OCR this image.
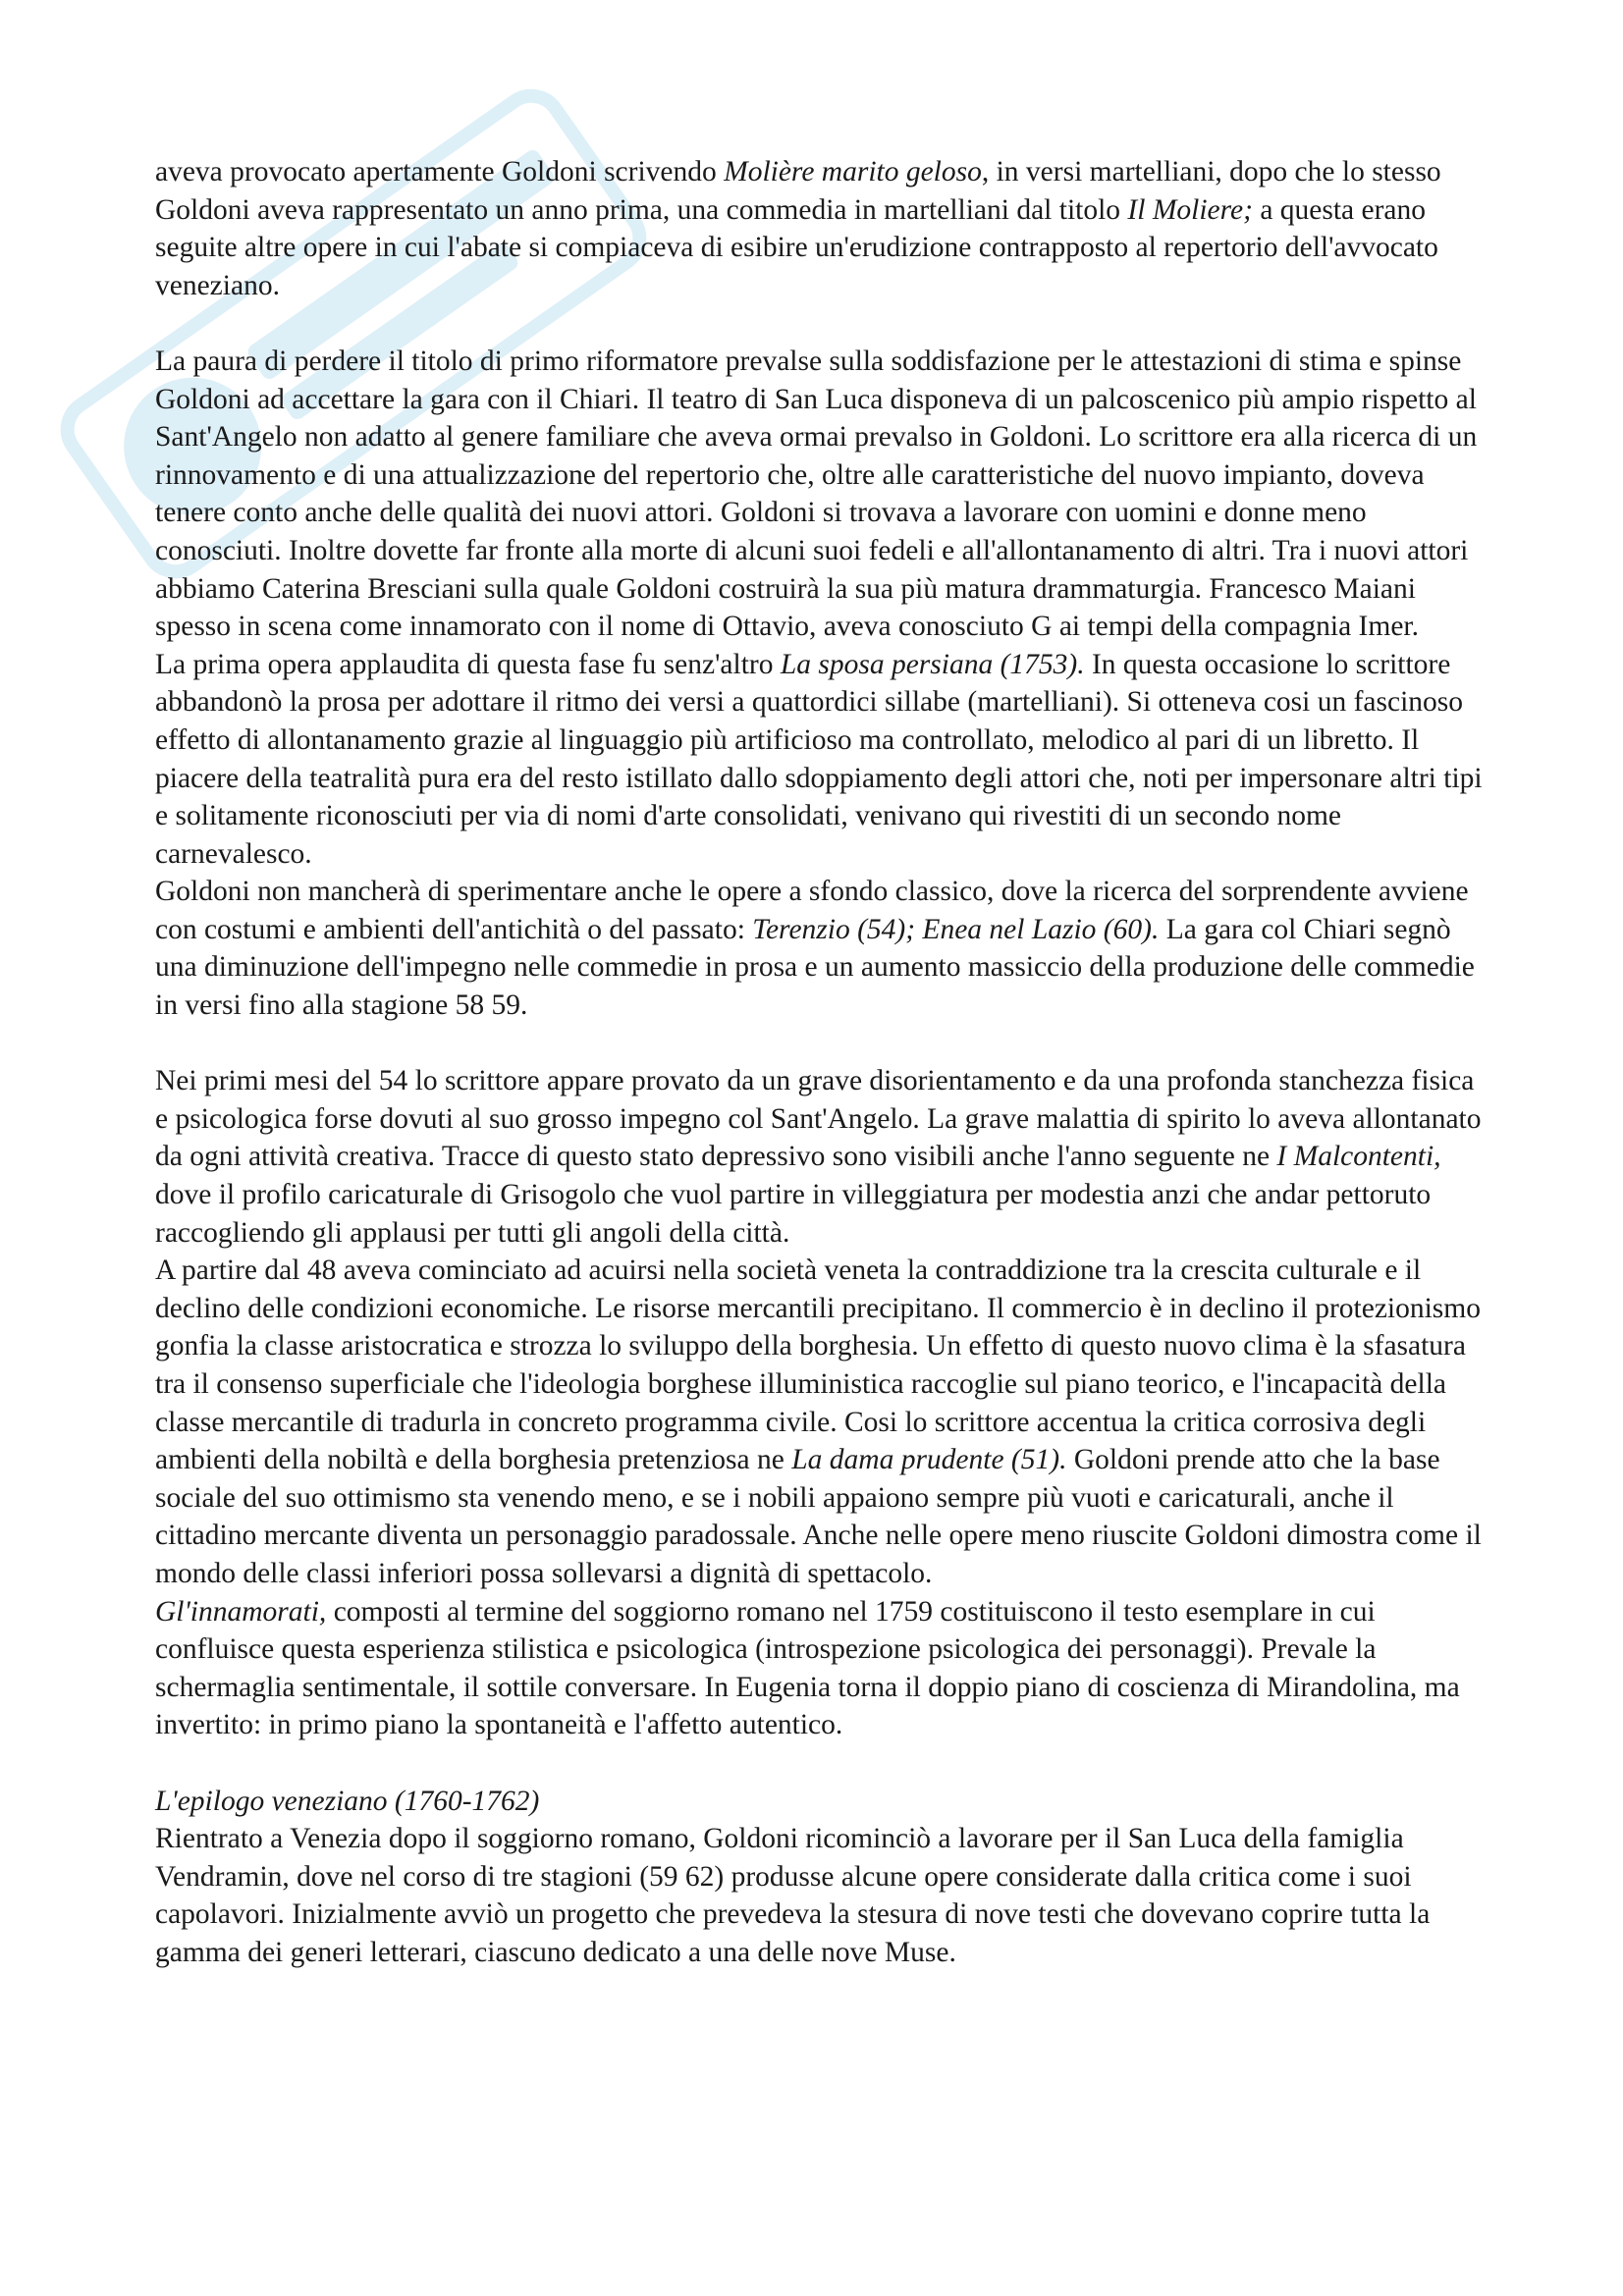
aveva provocato apertamente Goldoni scrivendo Molière marito geloso, in versi martelliani, dopo che lo stesso Goldoni aveva rappresentato un anno prima, una commedia in martelliani dal titolo Il Moliere; a questa erano seguite altre opere in cui l'abate si compiaceva di esibire un'erudizione contrapposto al repertorio dell'avvocato veneziano.

La paura di perdere il titolo di primo riformatore prevalse sulla soddisfazione per le attestazioni di stima e spinse Goldoni ad accettare la gara con il Chiari. Il teatro di San Luca disponeva di un palcoscenico più ampio rispetto al Sant'Angelo non adatto al genere familiare che aveva ormai prevalso in Goldoni. Lo scrittore era alla ricerca di un rinnovamento e di una attualizzazione del repertorio che, oltre alle caratteristiche del nuovo impianto, doveva tenere conto anche delle qualità dei nuovi attori. Goldoni si trovava a lavorare con uomini e donne meno conosciuti. Inoltre dovette far fronte alla morte di alcuni suoi fedeli e all'allontanamento di altri. Tra i nuovi attori abbiamo Caterina Bresciani sulla quale Goldoni costruirà la sua più matura drammaturgia. Francesco Maiani spesso in scena come innamorato con il nome di Ottavio, aveva conosciuto G ai tempi della compagnia Imer.

La prima opera applaudita di questa fase fu senz'altro La sposa persiana (1753). In questa occasione lo scrittore abbandonò la prosa per adottare il ritmo dei versi a quattordici sillabe (martelliani). Si otteneva cosi un fascinoso effetto di allontanamento grazie al linguaggio più artificioso ma controllato, melodico al pari di un libretto. Il piacere della teatralità pura era del resto istillato dallo sdoppiamento degli attori che, noti per impersonare altri tipi e solitamente riconosciuti per via di nomi d'arte consolidati, venivano qui rivestiti di un secondo nome carnevalesco.

Goldoni non mancherà di sperimentare anche le opere a sfondo classico, dove la ricerca del sorprendente avviene con costumi e ambienti dell'antichità o del passato: Terenzio (54); Enea nel Lazio (60). La gara col Chiari segnò una diminuzione dell'impegno nelle commedie in prosa e un aumento massiccio della produzione delle commedie in versi fino alla stagione 58 59.

Nei primi mesi del 54 lo scrittore appare provato da un grave disorientamento e da una profonda stanchezza fisica e psicologica forse dovuti al suo grosso impegno col Sant'Angelo. La grave malattia di spirito lo aveva allontanato da ogni attività creativa. Tracce di questo stato depressivo sono visibili anche l'anno seguente ne I Malcontenti, dove il profilo caricaturale di Grisogolo che vuol partire in villeggiatura per modestia anzi che andar pettoruto raccogliendo gli applausi per tutti gli angoli della città.

A partire dal 48 aveva cominciato ad acuirsi nella società veneta la contraddizione tra la crescita culturale e il declino delle condizioni economiche. Le risorse mercantili precipitano. Il commercio è in declino il protezionismo gonfia la classe aristocratica e strozza lo sviluppo della borghesia. Un effetto di questo nuovo clima è la sfasatura tra il consenso superficiale che l'ideologia borghese illuministica raccoglie sul piano teorico, e l'incapacità della classe mercantile di tradurla in concreto programma civile. Cosi lo scrittore accentua la critica corrosiva degli ambienti della nobiltà e della borghesia pretenziosa ne La dama prudente (51). Goldoni prende atto che la base sociale del suo ottimismo sta venendo meno, e se i nobili appaiono sempre più vuoti e caricaturali, anche il cittadino mercante diventa un personaggio paradossale. Anche nelle opere meno riuscite Goldoni dimostra come il mondo delle classi inferiori possa sollevarsi a dignità di spettacolo.

Gl'innamorati, composti al termine del soggiorno romano nel 1759 costituiscono il testo esemplare in cui confluisce questa esperienza stilistica e psicologica (introspezione psicologica dei personaggi). Prevale la schermaglia sentimentale, il sottile conversare. In Eugenia torna il doppio piano di coscienza di Mirandolina, ma invertito: in primo piano la spontaneità e l'affetto autentico.

L'epilogo veneziano (1760-1762)

Rientrato a Venezia dopo il soggiorno romano, Goldoni ricominciò a lavorare per il San Luca della famiglia Vendramin, dove nel corso di tre stagioni (59 62) produsse alcune opere considerate dalla critica come i suoi capolavori. Inizialmente avviò un progetto che prevedeva la stesura di nove testi che dovevano coprire tutta la gamma dei generi letterari, ciascuno dedicato a una delle nove Muse.
